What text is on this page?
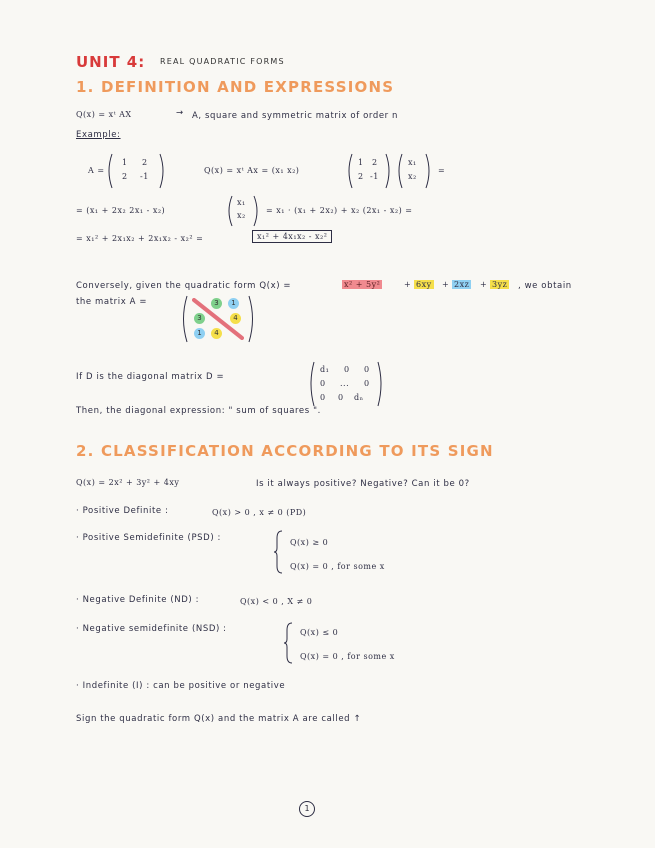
UNIT 4: REAL QUADRATIC FORMS
1. DEFINITION AND EXPRESSIONS
Q(x) = xᵗ AX	→ A, square and symmetric matrix of order n
Example:
A =
1 2
2 -1
Q(x) = xᵗ Ax = (x₁ x₂)
1 2
2 -1
x₁
x₂
=
= (x₁ + 2x₂ 2x₁ - x₂)
x₁
x₂
= x₁ · (x₁ + 2x₂) + x₂ (2x₁ - x₂) =
= x₁² + 2x₁x₂ + 2x₁x₂ - x₂² =	x₁² + 4x₁x₂ - x₂²
Conversely, given the quadratic form Q(x) =	x² + 5y²	+ 6xy + 2xz + 3yz , we obtain
the matrix A =	3	1
3	4
1	4
If D is the diagonal matrix D =
d₁ 0 0
0 ... 0
0 0 dₙ
Then, the diagonal expression: " sum of squares ".
2. CLASSIFICATION ACCORDING TO ITS SIGN
Q(x) = 2x² + 3y² + 4xy	Is it always positive? Negative? Can it be 0?
· Positive Definite :	Q(x) > 0 , x ≠ 0 (PD)
· Positive Semidefinite (PSD) :	Q(x) ≥ 0
Q(x) = 0 , for some x
· Negative Definite (ND) :	Q(x) < 0 , X ≠ 0
· Negative semidefinite (NSD) :	Q(x) ≤ 0
Q(x) = 0 , for some x
· Indefinite (I) : can be positive or negative
Sign the quadratic form Q(x) and the matrix A are called ↑
1
